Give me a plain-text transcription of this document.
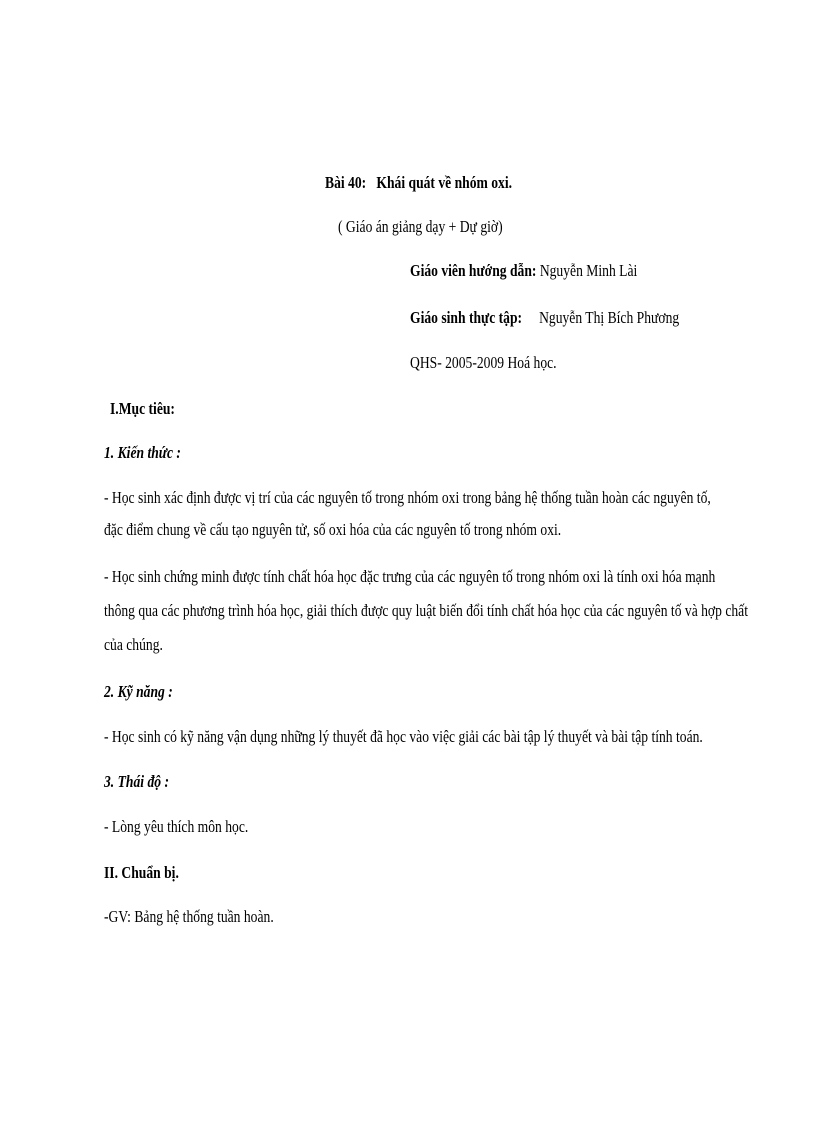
Bài 40: Khái quát về nhóm oxi.
( Giáo án giảng dạy + Dự giờ)
Giáo viên hướng dẫn: Nguyễn Minh Lài
Giáo sinh thực tập: Nguyễn Thị Bích Phương
QHS- 2005-2009 Hoá học.
I.Mục tiêu:
1. Kiến thức :
- Học sinh xác định được vị trí của các nguyên tố trong nhóm oxi trong bảng hệ thống tuần hoàn các nguyên tố,
đặc điểm chung về cấu tạo nguyên tử, số oxi hóa của các nguyên tố trong nhóm oxi.
- Học sinh chứng minh được tính chất hóa học đặc trưng của các nguyên tố trong nhóm oxi là tính oxi hóa mạnh
thông qua các phương trình hóa học, giải thích được quy luật biến đổi tính chất hóa học của các nguyên tố và hợp chất
của chúng.
2. Kỹ năng :
- Học sinh có kỹ năng vận dụng những lý thuyết đã học vào việc giải các bài tập lý thuyết và bài tập tính toán.
3. Thái độ :
- Lòng yêu thích môn học.
II. Chuẩn bị.
-GV: Bảng hệ thống tuần hoàn.
